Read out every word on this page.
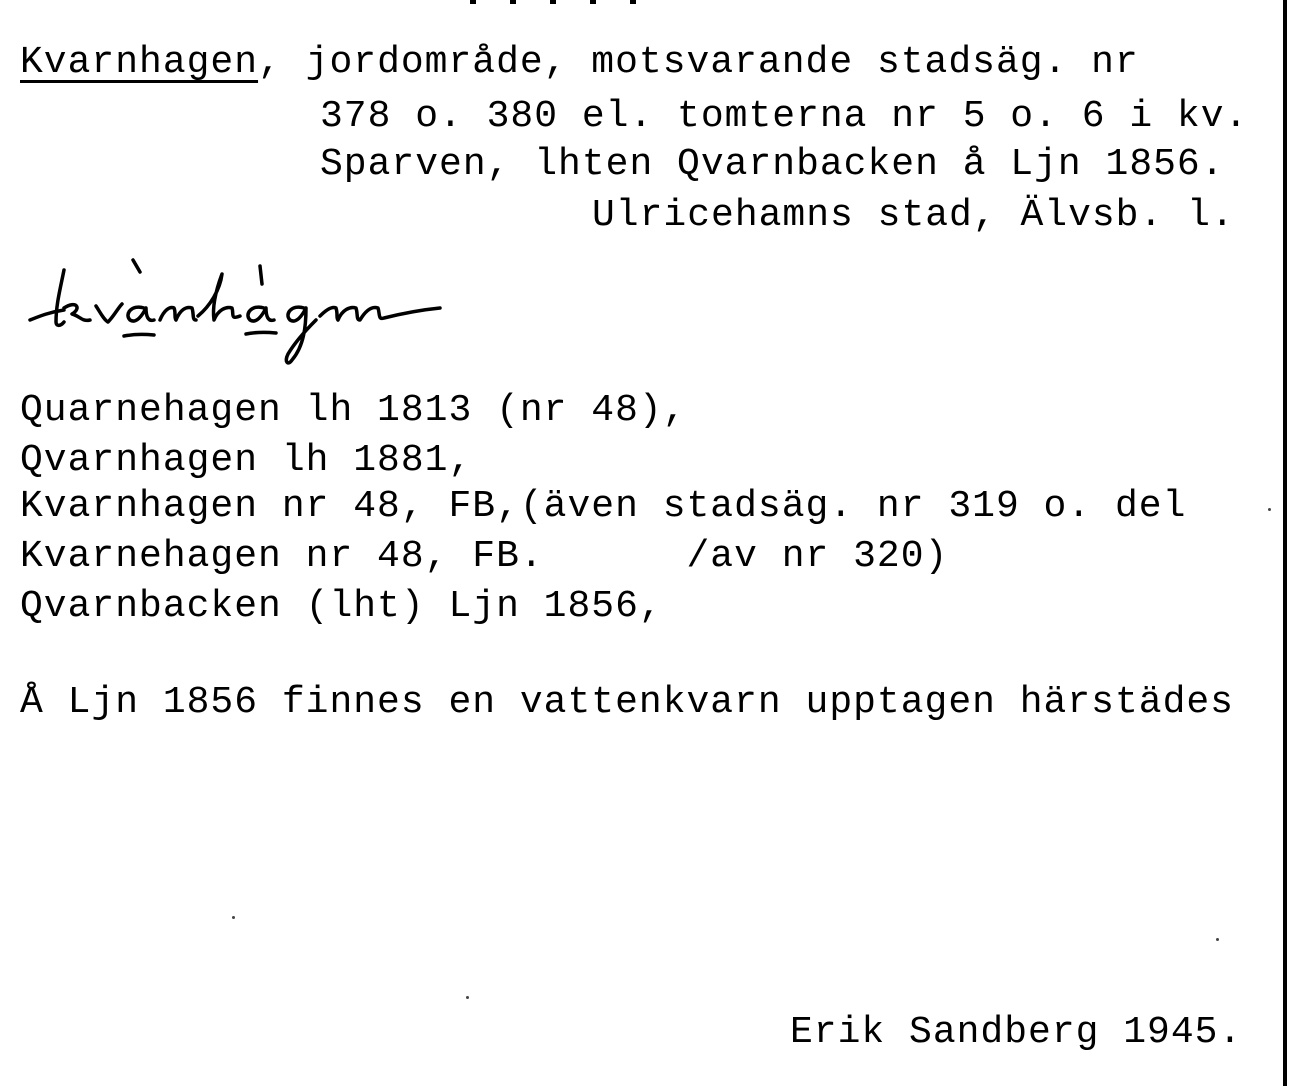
Kvarnhagen, jordområde, motsvarande stadsäg. nr
378 o. 380 el. tomterna nr 5 o. 6 i kv.
Sparven, lhten Qvarnbacken å Ljn 1856.
Ulricehamns stad, Älvsb. l.
Quarnehagen lh 1813 (nr 48),
Qvarnhagen lh 1881,
Kvarnhagen nr 48, FB,(även stadsäg. nr 319 o. del
Kvarnehagen nr 48, FB.      /av nr 320)
Qvarnbacken (lht) Ljn 1856,
Å Ljn 1856 finnes en vattenkvarn upptagen härstädes
Erik Sandberg 1945.
